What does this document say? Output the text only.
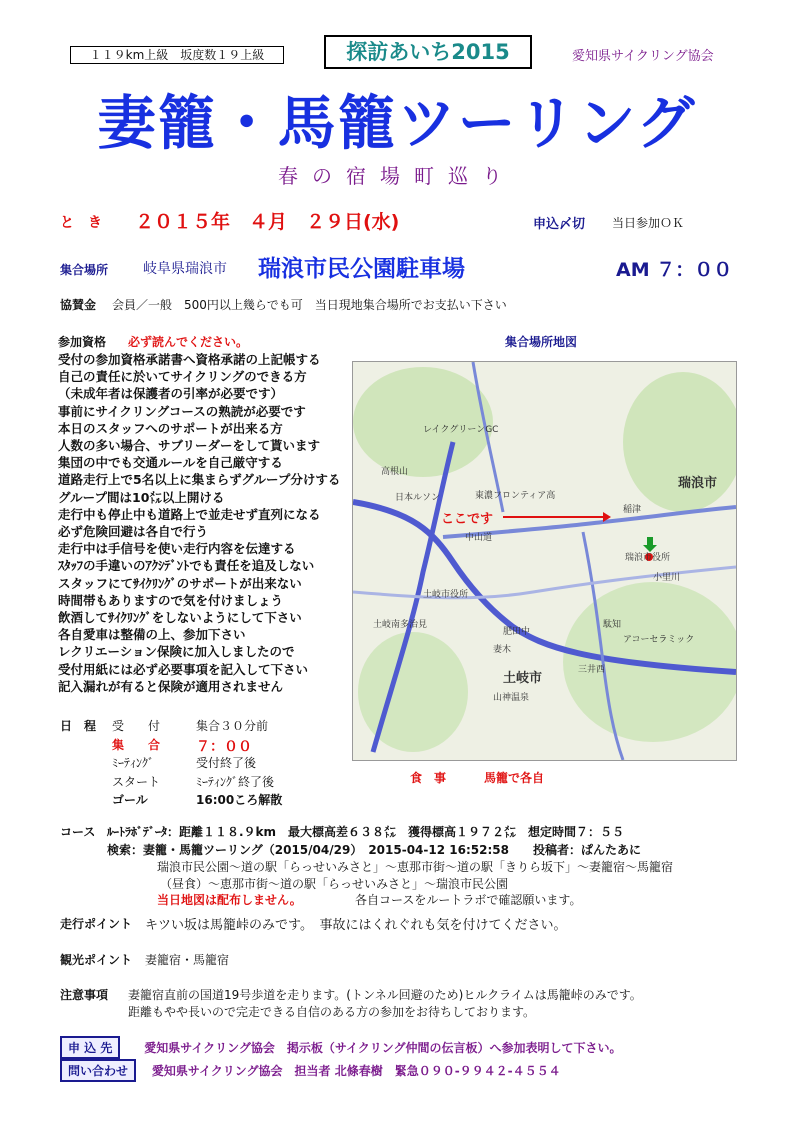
１１９km上級　坂度数１９上級	探訪あいち2015	愛知県サイクリング協会
妻籠・馬籠ツーリング
春の宿場町巡り
と　き ２０１５年　４月　２９日(水)	申込〆切 当日参加ＯＫ
集合場所 岐阜県瑞浪市 瑞浪市民公園駐車場	AM ７：００
協賛金 会員／一般　500円以上幾らでも可　当日現地集合場所でお支払い下さい
参加資格 必ず読んでください。
受付の参加資格承諾書へ資格承諾の上記帳する
自己の責任に於いてサイクリングのできる方
（未成年者は保護者の引率が必要です）
事前にサイクリングコースの熟読が必要です
本日のスタッフへのサポートが出来る方
人数の多い場合、サブリーダーをして貰います
集団の中でも交通ルールを自己厳守する
道路走行上で5名以上に集まらずグループ分けする
グループ間は10㍍以上開ける
走行中も停止中も道路上で並走せず直列になる
必ず危険回避は各自で行う
走行中は手信号を使い走行内容を伝達する
ｽﾀｯﾌの手違いのｱｸｼﾃﾞﾝﾄでも責任を追及しない
スタッフにてｻｲｸﾘﾝｸﾞのサポートが出来ない
時間帯もありますので気を付けましょう
飲酒してｻｲｸﾘﾝｸﾞをしないようにして下さい
各自愛車は整備の上、参加下さい
レクリエーション保険に加入しましたので
受付用紙には必ず必要事項を記入して下さい
記入漏れが有ると保険が適用されません
集合場所地図
ここです
瑞浪市
土岐市
瑞浪市役所
土岐市役所
東濃フロンティア高
稲津
レイクグリーンGC
高根山
日本ルソン
中山道
小里川
肥田中
土岐南多治見
妻木
駄知
三井西
山神温泉
アコーセラミック
日　程 受　　付	集合３０分前
集　　合	７：００
ﾐｰﾃｨﾝｸﾞ	受付終了後
スタート	ﾐｰﾃｨﾝｸﾞ終了後
ゴール	16:00ころ解散
食　事	馬籠で各自
コース ﾙｰﾄﾗﾎﾞﾃﾞｰﾀ：距離１１８.９km　最大標高差６３８㍍　獲得標高１９７２㍍　想定時間７：５５
検索：妻籠・馬籠ツーリング（2015/04/29）　2015-04-12 16:52:58　　投稿者：ぱんたあに
瑞浪市民公園～道の駅「らっせいみさと」～恵那市街～道の駅「きりら坂下」～妻籠宿～馬籠宿
（昼食）～恵那市街～道の駅「らっせいみさと」～瑞浪市民公園
当日地図は配布しません。	各自コースをルートラボで確認願います。
走行ポイント キツい坂は馬籠峠のみです。　事故にはくれぐれも気を付けてください。
観光ポイント 妻籠宿・馬籠宿
注意事項 妻籠宿直前の国道19号歩道を走ります。(トンネル回避のため)ヒルクライムは馬籠峠のみです。
距離もやや長いので完走できる自信のある方の参加をお待ちしております。
申 込 先	愛知県サイクリング協会　掲示板（サイクリング仲間の伝言板）へ参加表明して下さい。
問い合わせ 愛知県サイクリング協会　担当者 北條春樹　緊急０９０-９９４２-４５５４
